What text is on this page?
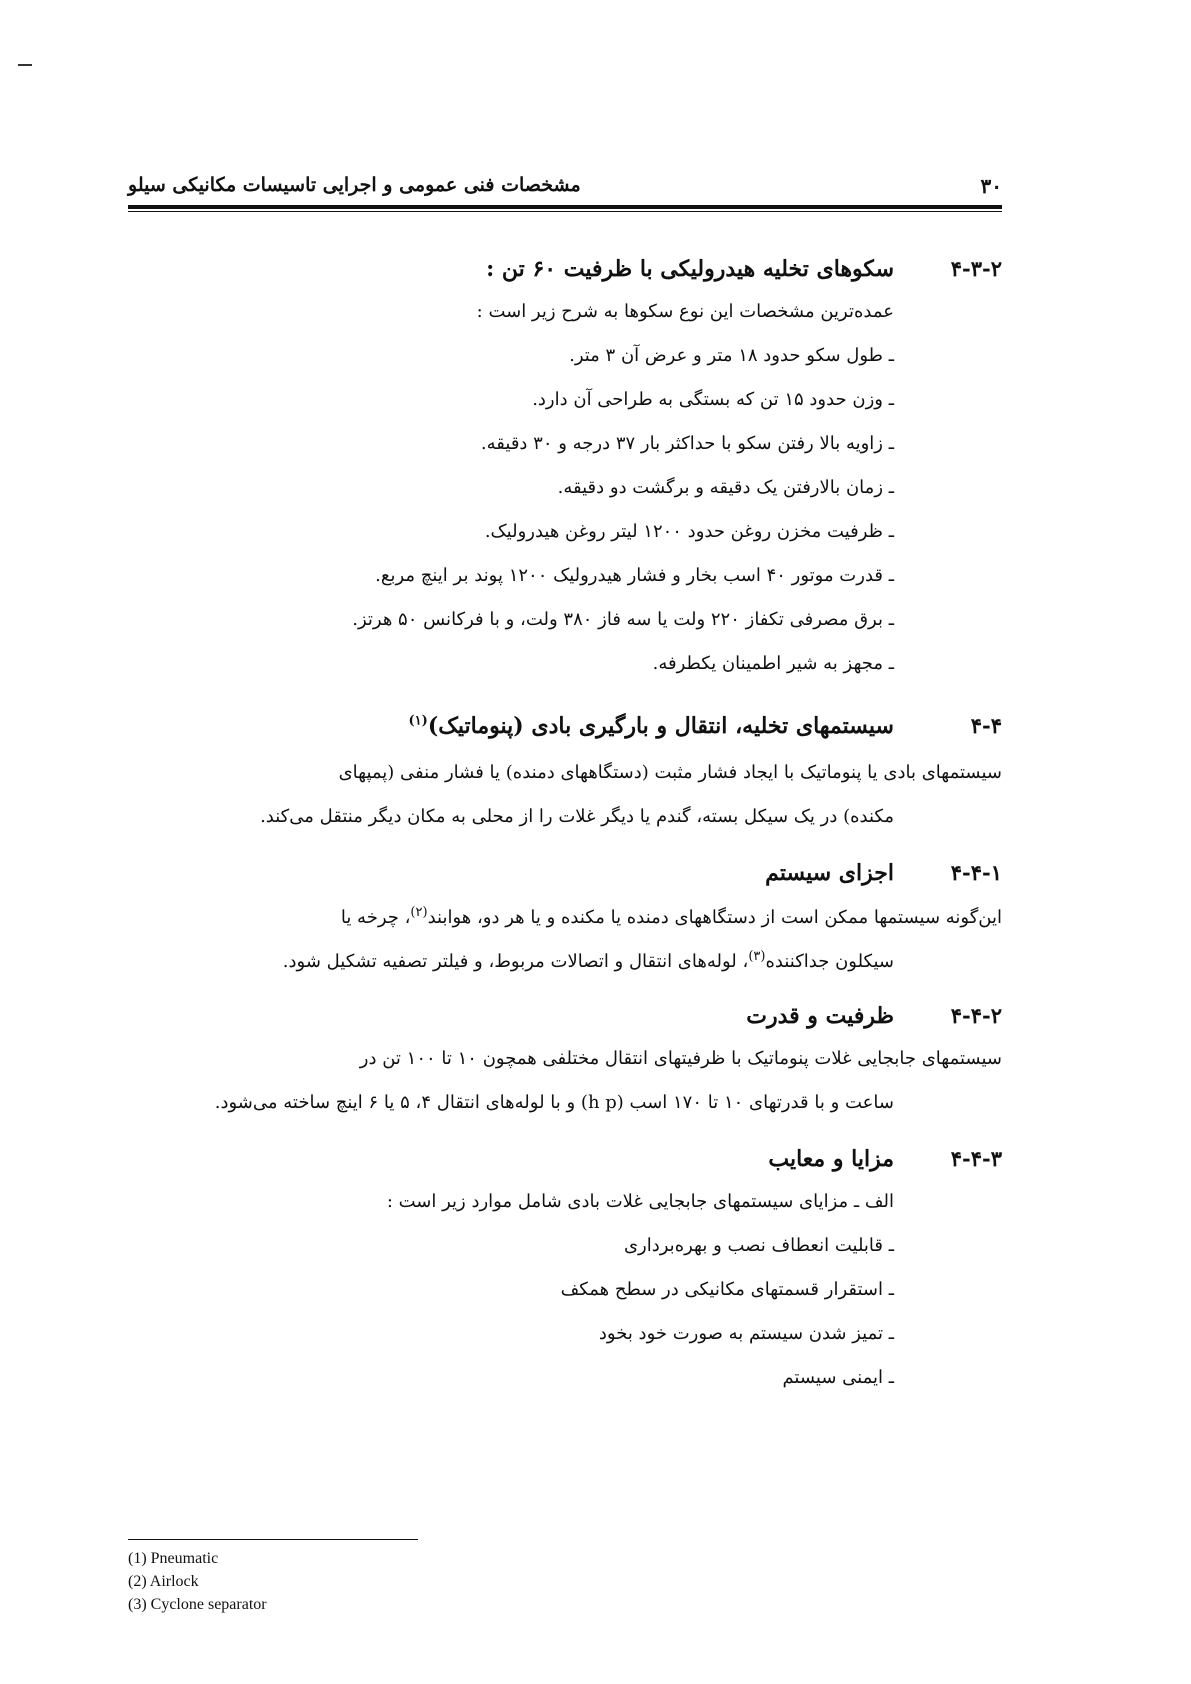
۳۰
مشخصات فنی عمومی و اجرایی تاسیسات مکانیکی سیلو
۴-۳-۲
سکوهای تخلیه هیدرولیکی با ظرفیت ۶۰ تن :
عمده‌ترین مشخصات این نوع سکوها به شرح زیر است :
ـ طول سکو حدود ۱۸ متر و عرض آن ۳ متر.
ـ وزن حدود ۱۵ تن که بستگی به طراحی آن دارد.
ـ زاویه بالا رفتن سکو با حداکثر بار ۳۷ درجه و ۳۰ دقیقه.
ـ زمان بالارفتن یک دقیقه و برگشت دو دقیقه.
ـ ظرفیت مخزن روغن حدود ۱۲۰۰ لیتر روغن هیدرولیک.
ـ قدرت موتور ۴۰ اسب بخار و فشار هیدرولیک ۱۲۰۰ پوند بر اینچ مربع.
ـ برق مصرفی تکفاز ۲۲۰ ولت یا سه فاز ۳۸۰ ولت، و با فرکانس ۵۰ هرتز.
ـ مجهز به شیر اطمینان یکطرفه.
۴-۴
سیستمهای تخلیه، انتقال و بارگیری بادی (پنوماتیک)$^{(۱)}$
سیستمهای بادی یا پنوماتیک با ایجاد فشار مثبت (دستگاههای دمنده) یا فشار منفی (پمپهای
مکنده) در یک سیکل بسته، گندم یا دیگر غلات را از محلی به مکان دیگر منتقل می‌کند.
۴-۴-۱
اجزای سیستم
این‌گونه سیستمها ممکن است از دستگاههای دمنده یا مکنده و یا هر دو، هوابند$^{(۲)}$، چرخه یا
سیکلون جداکننده$^{(۳)}$، لوله‌های انتقال و اتصالات مربوط، و فیلتر تصفیه تشکیل شود.
۴-۴-۲
ظرفیت و قدرت
سیستمهای جابجایی غلات پنوماتیک با ظرفیتهای انتقال مختلفی همچون ۱۰ تا ۱۰۰ تن در
ساعت و با قدرتهای ۱۰ تا ۱۷۰ اسب (h p) و با لوله‌های انتقال ۴، ۵ یا ۶ اینچ ساخته می‌شود.
۴-۴-۳
مزایا و معایب
الف ـ مزایای سیستمهای جابجایی غلات بادی شامل موارد زیر است :
ـ قابلیت انعطاف نصب و بهره‌برداری
ـ استقرار قسمتهای مکانیکی در سطح همکف
ـ تمیز شدن سیستم به صورت خود بخود
ـ ایمنی سیستم
(1) Pneumatic
(2) Airlock
(3) Cyclone separator
